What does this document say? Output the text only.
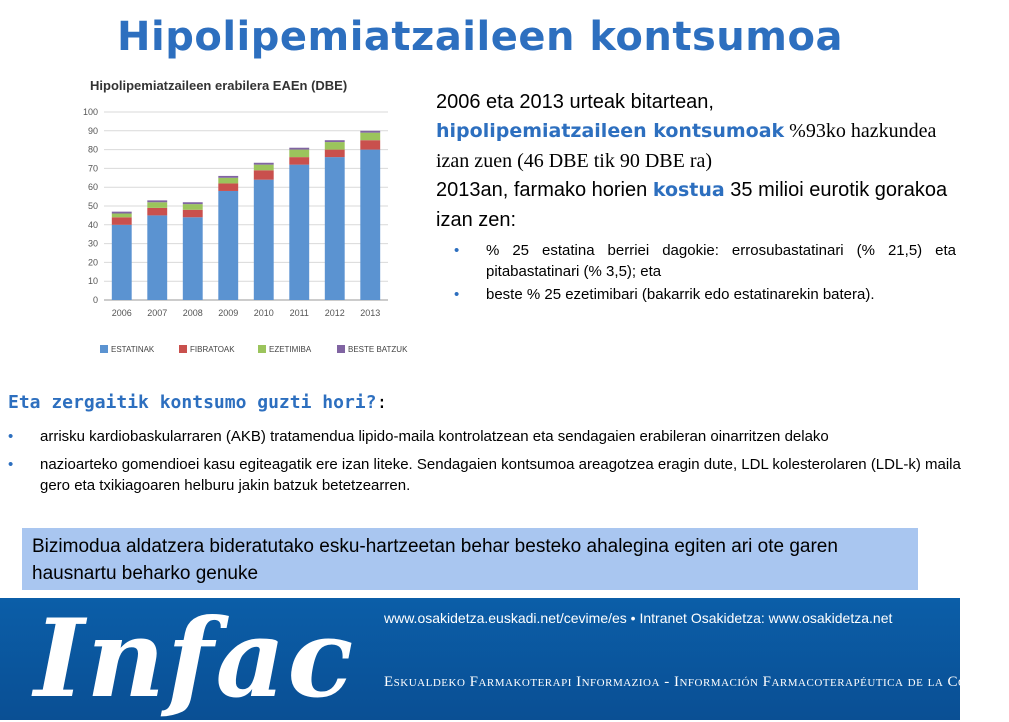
Hipolipemiatzaileen kontsumoa
Hipolipemiatzaileen erabilera EAEn (DBE)
0
10
20
30
40
50
60
70
80
90
100
2006 2007 2008 2009 2010 2011 2012 2013
ESTATINAK	FIBRATOAK	EZETIMIBA	BESTE BATZUK
2006 eta 2013 urteak bitartean,
hipolipemiatzaileen kontsumoak %93ko hazkundea izan zuen (46 DBE tik 90 DBE ra)
2013an, farmako horien kostua 35 milioi eurotik gorakoa izan zen:
• % 25 estatina berriei dagokie: errosubastatinari (% 21,5) eta pitabastatinari (% 3,5); eta
• beste % 25 ezetimibari (bakarrik edo estatinarekin batera).
Eta zergaitik kontsumo guzti hori?:
• arrisku kardiobaskularraren (AKB) tratamendua lipido-maila kontrolatzean eta sendagaien erabileran oinarritzen delako
• nazioarteko gomendioei kasu egiteagatik ere izan liteke. Sendagaien kontsumoa areagotzea eragin dute, LDL kolesterolaren (LDL-k) maila gero eta txikiagoaren helburu jakin batzuk betetzearren.
Bizimodua aldatzera bideratutako esku-hartzeetan behar besteko ahalegina egiten ari ote garen hausnartu beharko genuke
Infac www.osakidetza.euskadi.net/cevime/es • Intranet Osakidetza: www.osakidetza.net
Eskualdeko Farmakoterapi Informazioa - Información Farmacoterapéutica de la Comarca
